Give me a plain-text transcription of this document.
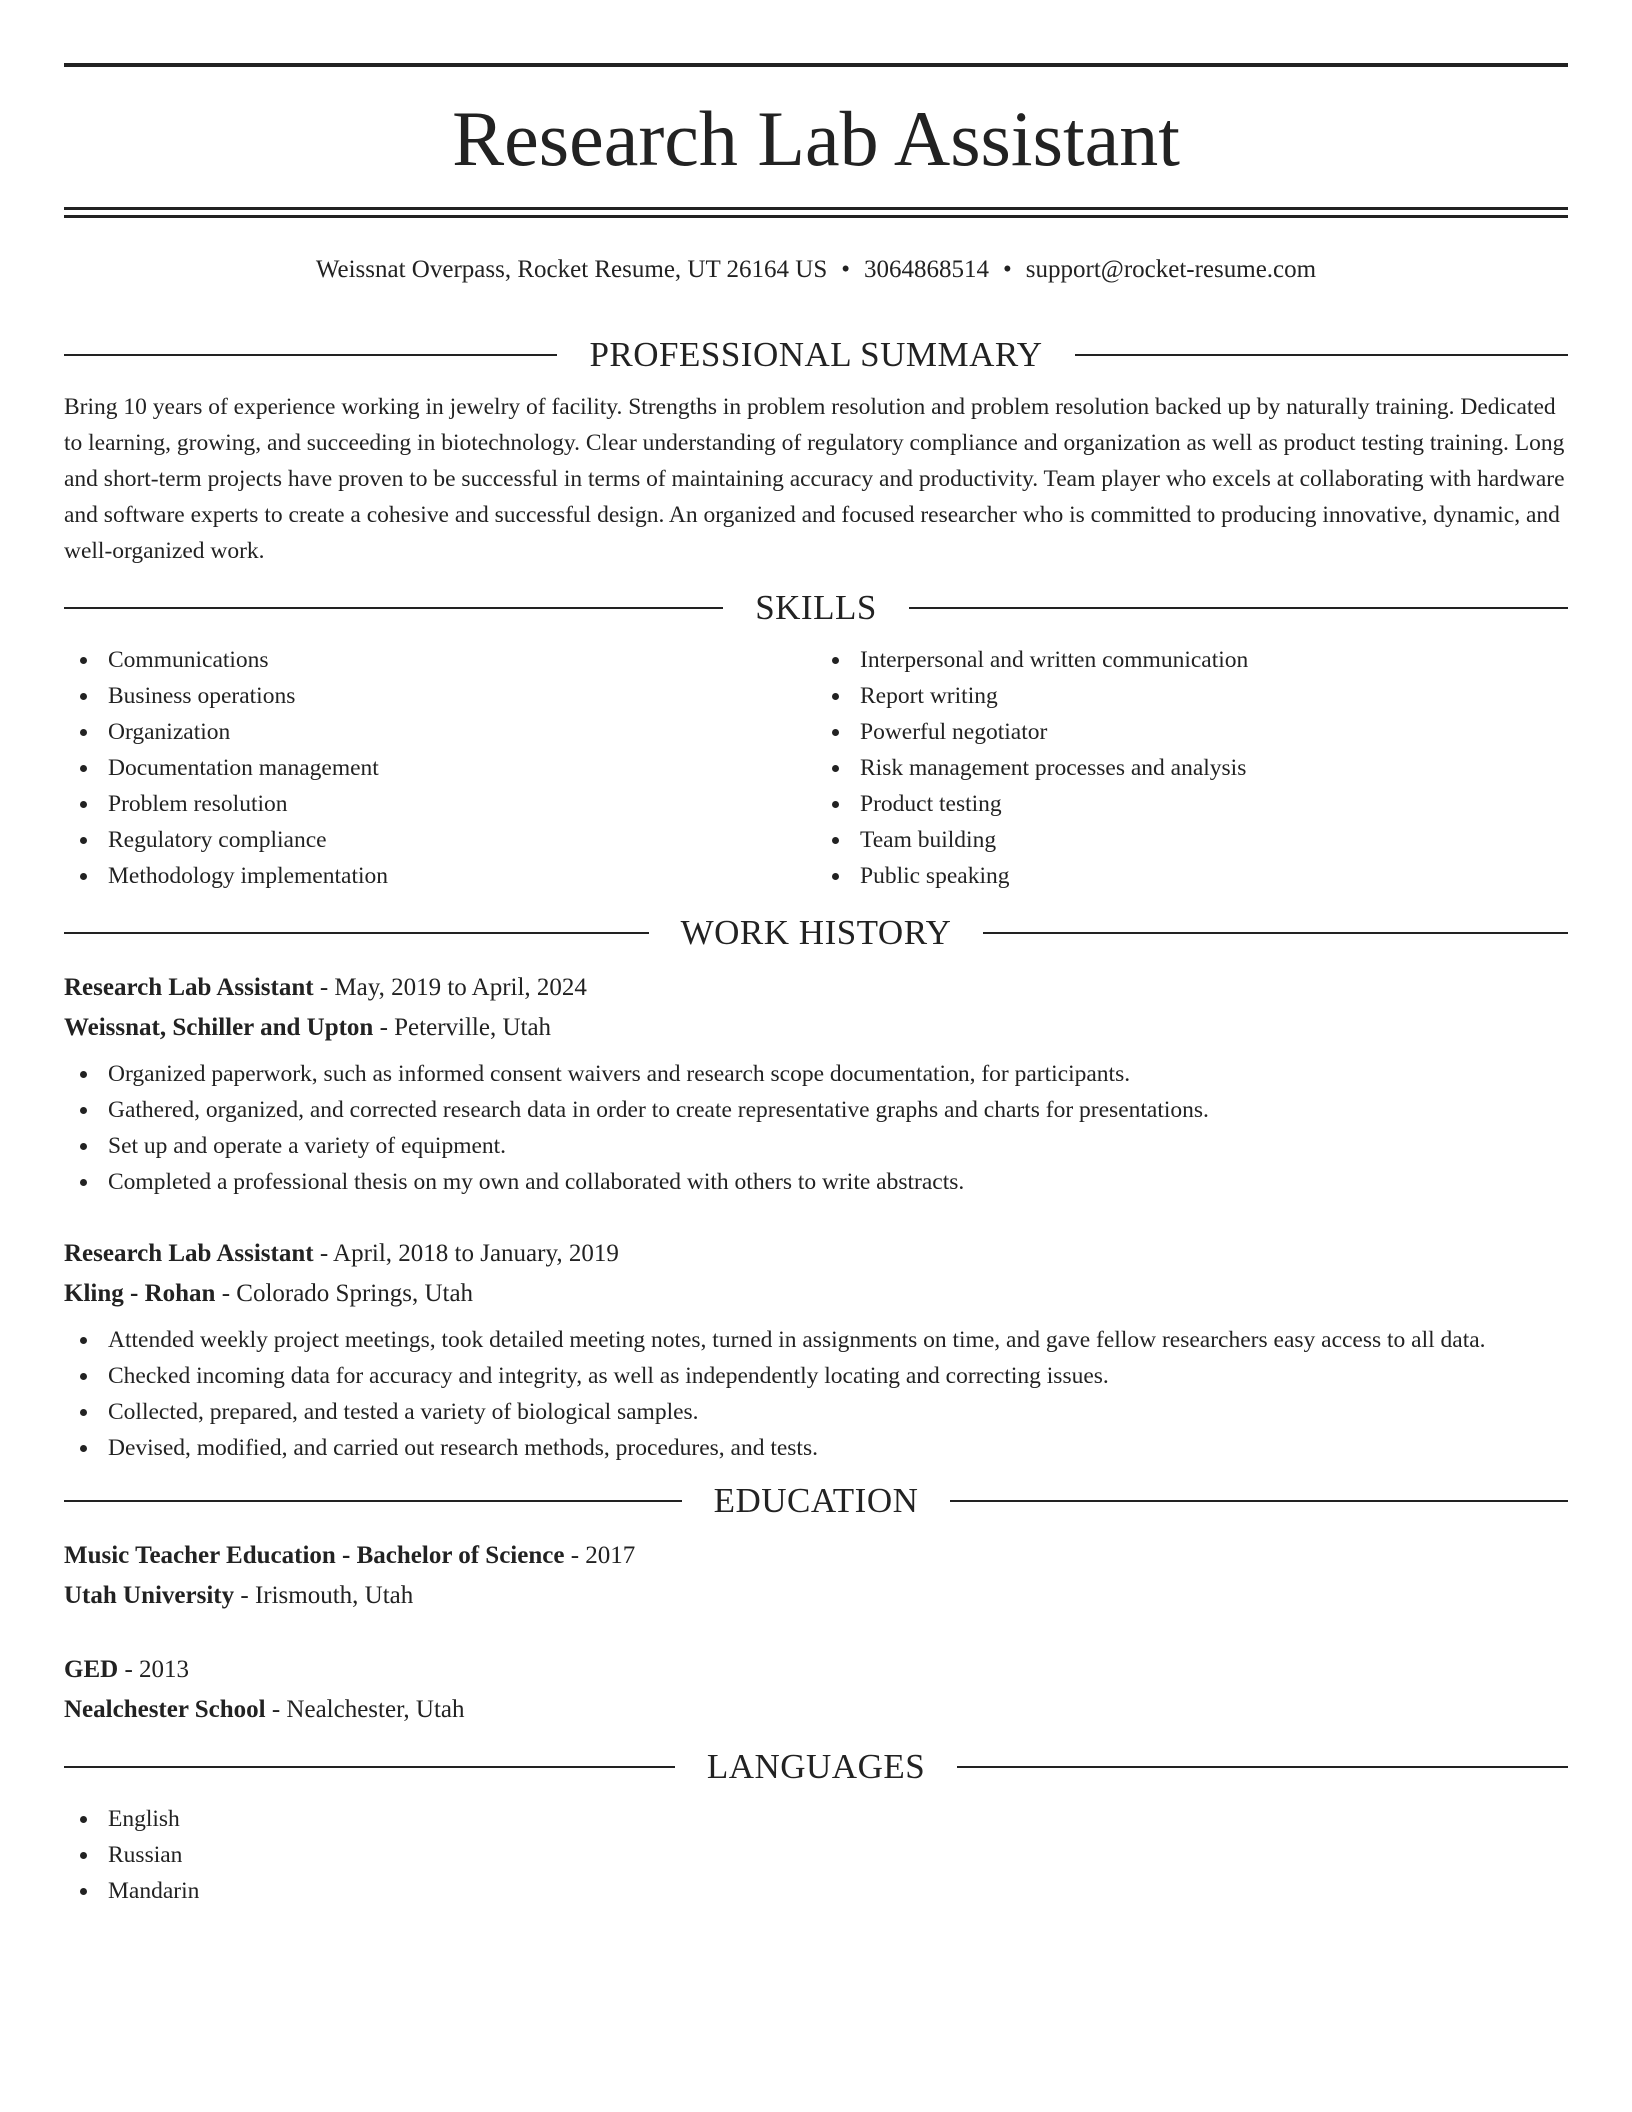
Research Lab Assistant
Weissnat Overpass, Rocket Resume, UT 26164 US • 3064868514 • support@rocket-resume.com
PROFESSIONAL SUMMARY

Bring 10 years of experience working in jewelry of facility. Strengths in problem resolution and problem resolution backed up by naturally training. Dedicated to learning, growing, and succeeding in biotechnology. Clear understanding of regulatory compliance and organization as well as product testing training. Long and short-term projects have proven to be successful in terms of maintaining accuracy and productivity. Team player who excels at collaborating with hardware and software experts to create a cohesive and successful design. An organized and focused researcher who is committed to producing innovative, dynamic, and well-organized work.

SKILLS
Communications
Business operations
Organization
Documentation management
Problem resolution
Regulatory compliance
Methodology implementation
Interpersonal and written communication
Report writing
Powerful negotiator
Risk management processes and analysis
Product testing
Team building
Public speaking
WORK HISTORY
Research Lab Assistant - May, 2019 to April, 2024
Weissnat, Schiller and Upton - Peterville, Utah
Organized paperwork, such as informed consent waivers and research scope documentation, for participants.
Gathered, organized, and corrected research data in order to create representative graphs and charts for presentations.
Set up and operate a variety of equipment.
Completed a professional thesis on my own and collaborated with others to write abstracts.
Research Lab Assistant - April, 2018 to January, 2019
Kling - Rohan - Colorado Springs, Utah
Attended weekly project meetings, took detailed meeting notes, turned in assignments on time, and gave fellow researchers easy access to all data.
Checked incoming data for accuracy and integrity, as well as independently locating and correcting issues.
Collected, prepared, and tested a variety of biological samples.
Devised, modified, and carried out research methods, procedures, and tests.
EDUCATION
Music Teacher Education - Bachelor of Science - 2017
Utah University - Irismouth, Utah
GED - 2013
Nealchester School - Nealchester, Utah
LANGUAGES
English
Russian
Mandarin
